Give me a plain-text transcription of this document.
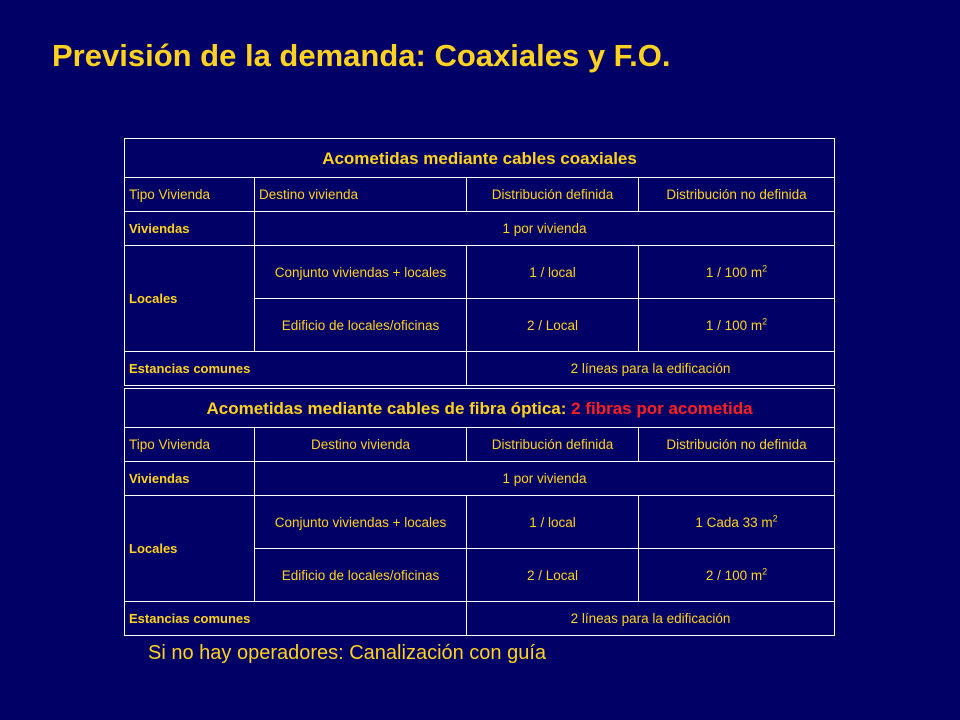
Previsión de la demanda: Coaxiales y F.O.
Acometidas mediante cables coaxiales			
Tipo Vivienda	Destino vivienda	Distribución definida	Distribución no definida
Viviendas	1 por vivienda		
Locales	Conjunto viviendas + locales	1 / local	1 / 100 $m^2$
	Edificio de locales/oficinas	2 / Local	1 / 100 $m^2$
Estancias comunes		2 líneas para la edificación	
Acometidas mediante cables de fibra óptica: 2 fibras por acometida			
Tipo Vivienda	Destino vivienda	Distribución definida	Distribución no definida
Viviendas	1 por vivienda		
Locales	Conjunto viviendas + locales	1 / local	1 Cada 33 $m^2$
	Edificio de locales/oficinas	2 / Local	2 / 100 $m^2$
Estancias comunes		2 líneas para la edificación	
Si no hay operadores: Canalización con guía
